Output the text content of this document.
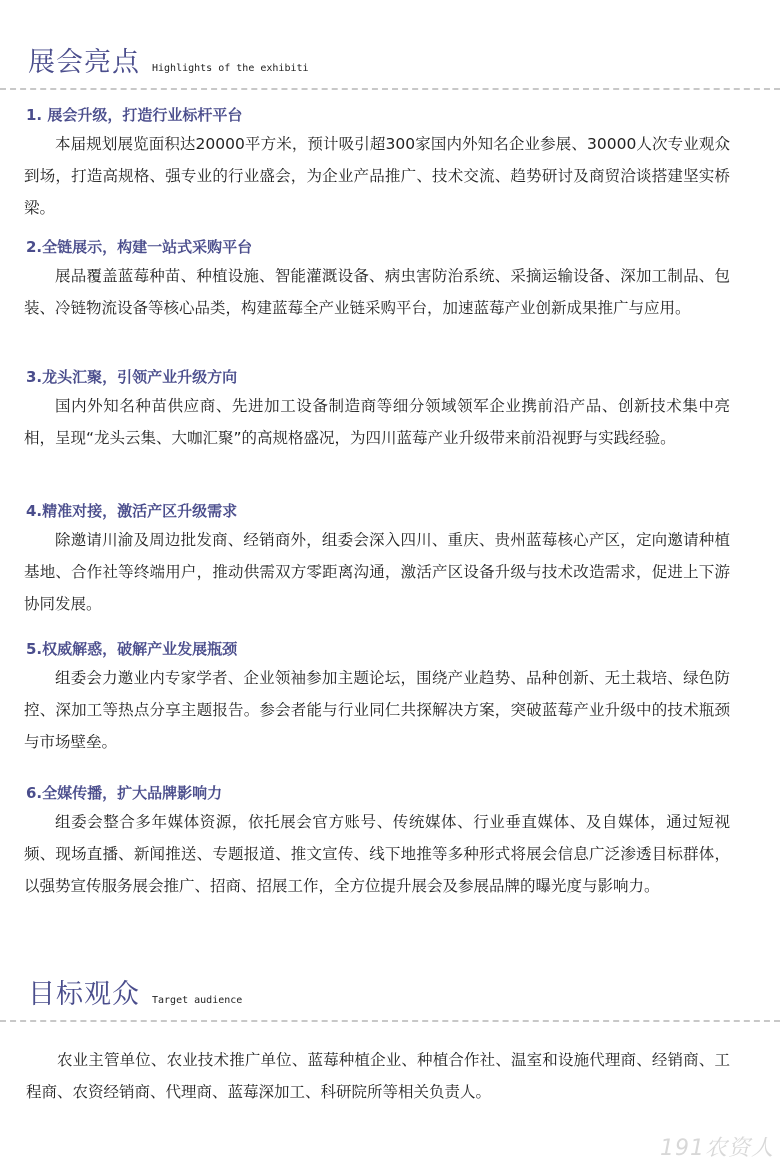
展会亮点 Highlights of the exhibiti
1. 展会升级，打造行业标杆平台
本届规划展览面积达20000平方米，预计吸引超300家国内外知名企业参展、30000人次专业观众到场，打造高规格、强专业的行业盛会，为企业产品推广、技术交流、趋势研讨及商贸洽谈搭建坚实桥梁。
2.全链展示，构建一站式采购平台
展品覆盖蓝莓种苗、种植设施、智能灌溉设备、病虫害防治系统、采摘运输设备、深加工制品、包装、冷链物流设备等核心品类，构建蓝莓全产业链采购平台，加速蓝莓产业创新成果推广与应用。
3.龙头汇聚，引领产业升级方向
国内外知名种苗供应商、先进加工设备制造商等细分领域领军企业携前沿产品、创新技术集中亮相，呈现“龙头云集、大咖汇聚”的高规格盛况，为四川蓝莓产业升级带来前沿视野与实践经验。
4.精准对接，激活产区升级需求
除邀请川渝及周边批发商、经销商外，组委会深入四川、重庆、贵州蓝莓核心产区，定向邀请种植基地、合作社等终端用户，推动供需双方零距离沟通，激活产区设备升级与技术改造需求，促进上下游协同发展。
5.权威解惑，破解产业发展瓶颈
组委会力邀业内专家学者、企业领袖参加主题论坛，围绕产业趋势、品种创新、无土栽培、绿色防控、深加工等热点分享主题报告。参会者能与行业同仁共探解决方案，突破蓝莓产业升级中的技术瓶颈与市场壁垒。
6.全媒传播，扩大品牌影响力
组委会整合多年媒体资源，依托展会官方账号、传统媒体、行业垂直媒体、及自媒体，通过短视频、现场直播、新闻推送、专题报道、推文宣传、线下地推等多种形式将展会信息广泛渗透目标群体，以强势宣传服务展会推广、招商、招展工作，全方位提升展会及参展品牌的曝光度与影响力。
目标观众 Target audience
农业主管单位、农业技术推广单位、蓝莓种植企业、种植合作社、温室和设施代理商、经销商、工程商、农资经销商、代理商、蓝莓深加工、科研院所等相关负责人。
191农资人
